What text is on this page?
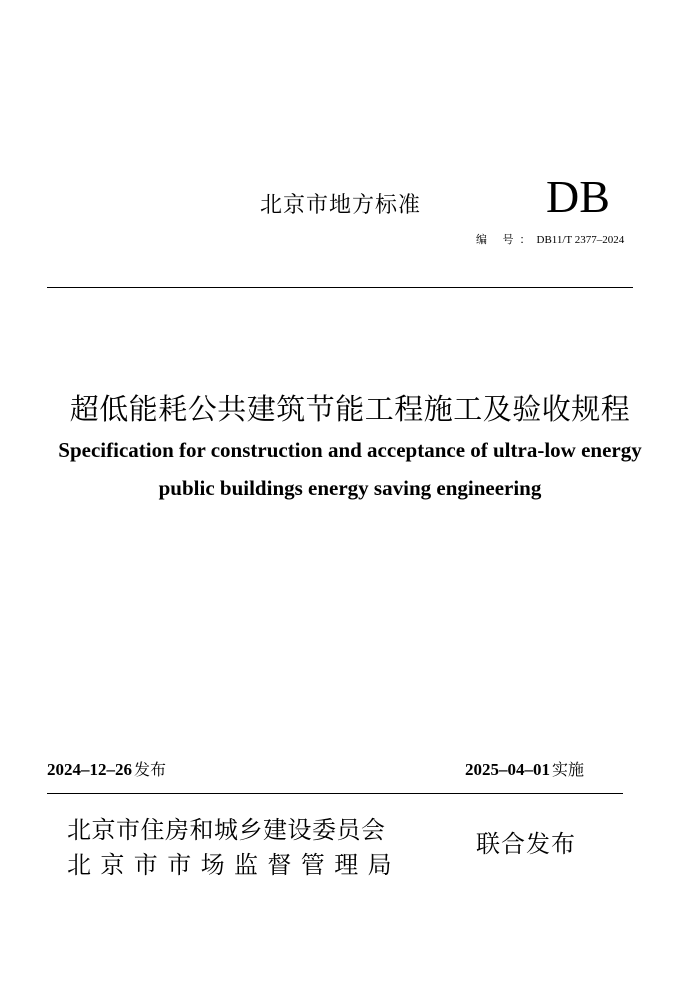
北京市地方标准	DB
编 号：DB11/T 2377–2024
超低能耗公共建筑节能工程施工及验收规程
Specification for construction and acceptance of ultra-low energy
public buildings energy saving engineering
2024–12–26 发布	2025–04–01 实施
北京市住房和城乡建设委员会
北京市市场监督管理局
联合发布
